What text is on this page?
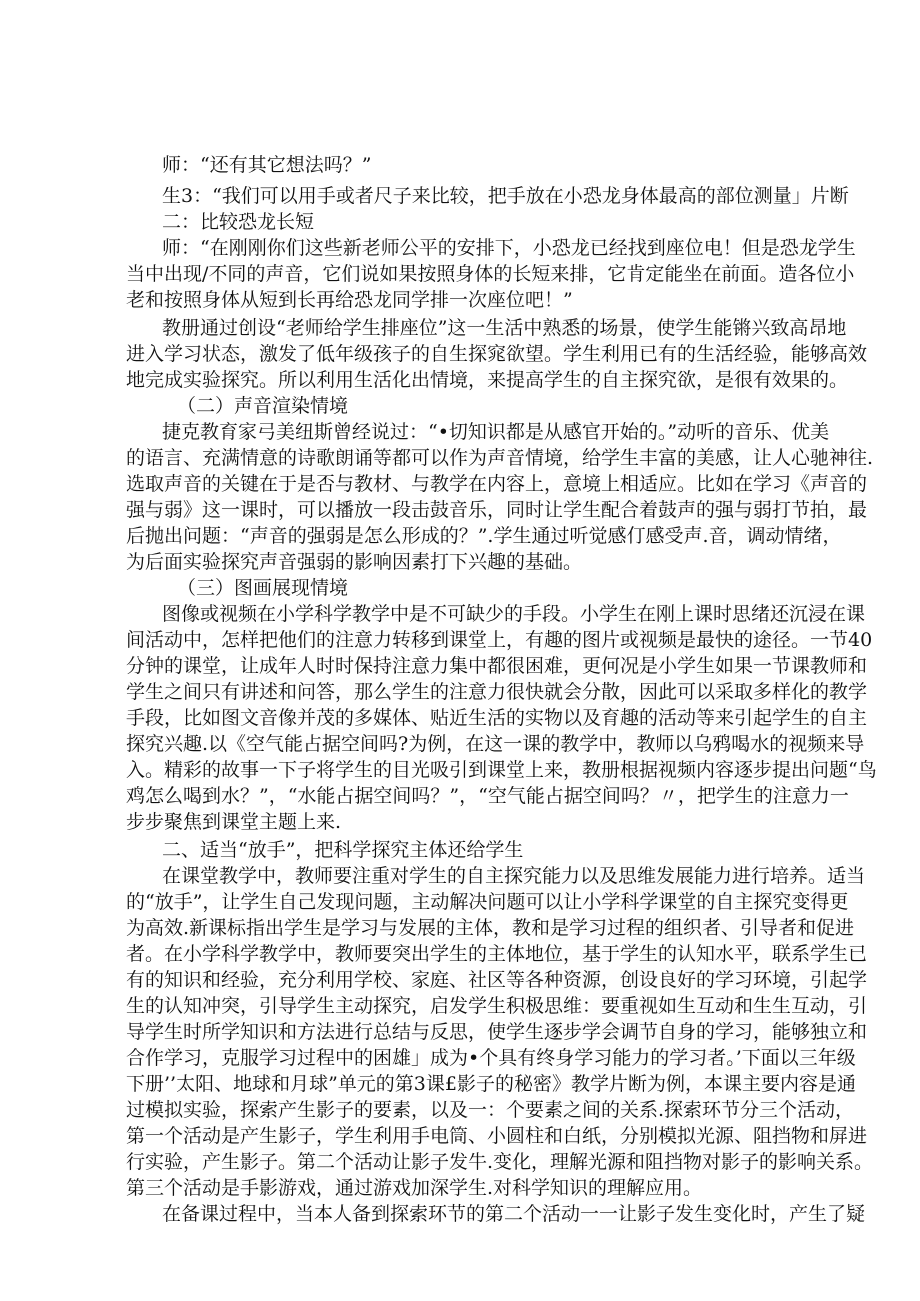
师：“还有其它想法吗？”
生3：“我们可以用手或者尺子来比较，把手放在小恐龙身体最高的部位测量」片断
二：比较恐龙长短
师：“在刚刚你们这些新老师公平的安排下，小恐龙已经找到座位电！但是恐龙学生
当中出现/不同的声音，它们说如果按照身体的长短来排，它肯定能坐在前面。造各位小
老和按照身体从短到长再给恐龙同学排一次座位吧！”
教册通过创设“老师给学生排座位”这一生活中熟悉的场景，使学生能锵兴致高昂地
进入学习状态，激发了低年级孩子的自生探窕欲望。学生利用已有的生活经验，能够高效
地完成实验探究。所以利用生活化出情境，来提高学生的自主探究欲，是很有效果的。
（二）声音渲染情境
捷克教育家弓美纽斯曾经说过：“•切知识都是从感官开始的。”动听的音乐、优美
的语言、充满情意的诗歌朗诵等都可以作为声音情境，给学生丰富的美感，让人心驰神往.
选取声音的关键在于是否与教材、与教学在内容上，意境上相适应。比如在学习《声音的
强与弱》这一课时，可以播放一段击鼓音乐，同时让学生配合着鼓声的强与弱打节拍，最
后抛出问题：“声音的强弱是怎么形成的？”.学生通过听觉感仃感受声.音，调动情绪，
为后面实验探究声音强弱的影响因素打下兴趣的基础。
（三）图画展现情境
图像或视频在小学科学教学中是不可缺少的手段。小学生在刚上课时思绪还沉浸在课
间活动中，怎样把他们的注意力转移到课堂上，有趣的图片或视频是最快的途径。一节40
分钟的课堂，让成年人时时保持注意力集中都很困难，更何况是小学生如果一节课教师和
学生之间只有讲述和问答，那么学生的注意力很快就会分散，因此可以采取多样化的教学
手段，比如图文音像并茂的多媒体、贴近生活的实物以及育趣的活动等来引起学生的自主
探究兴趣.以《空气能占据空间吗?为例，在这一课的教学中，教师以乌鸦喝水的视频来导
入。精彩的故事一下子将学生的目光吸引到课堂上来，教册根据视频内容逐步提出问题“鸟
鸡怎么喝到水？”，“水能占据空间吗？”，“空气能占据空间吗？〃，把学生的注意力一
步步聚焦到课堂主题上来.
二、适当“放手”，把科学探究主体还给学生
在课堂教学中，教师要注重对学生的自主探究能力以及思维发展能力进行培养。适当
的“放手”，让学生自己发现问题，主动解决问题可以让小学科学课堂的自主探究变得更
为高效.新课标指出学生是学习与发展的主体，教和是学习过程的组织者、引导者和促进
者。在小学科学教学中，教师要突出学生的主体地位，基于学生的认知水平，联系学生已
有的知识和经验，充分利用学校、家庭、社区等各种资源，创设良好的学习环境，引起学
生的认知冲突，引导学生主动探究，启发学生积极思维：要重视如生互动和生生互动，引
导学生时所学知识和方法进行总结与反思，使学生逐步学会调节自身的学习，能够独立和
合作学习，克服学习过程中的困雄」成为•个具有终身学习能力的学习者。’下面以三年级
下册’’太阳、地球和月球”单元的第3课£影子的秘密》教学片断为例，本课主要内容是通
过模拟实验，探索产生影子的要素，以及一：个要素之间的关系.探索环节分三个活动，
第一个活动是产生影子，学生利用手电筒、小圆柱和白纸，分别模拟光源、阻挡物和屏进
行实验，产生影子。第二个活动让影子发牛.变化，理解光源和阻挡物对影子的影响关系。
第三个活动是手影游戏，通过游戏加深学生.对科学知识的理解应用。
在备课过程中，当本人备到探索环节的第二个活动一一让影子发生变化时，产生了疑
